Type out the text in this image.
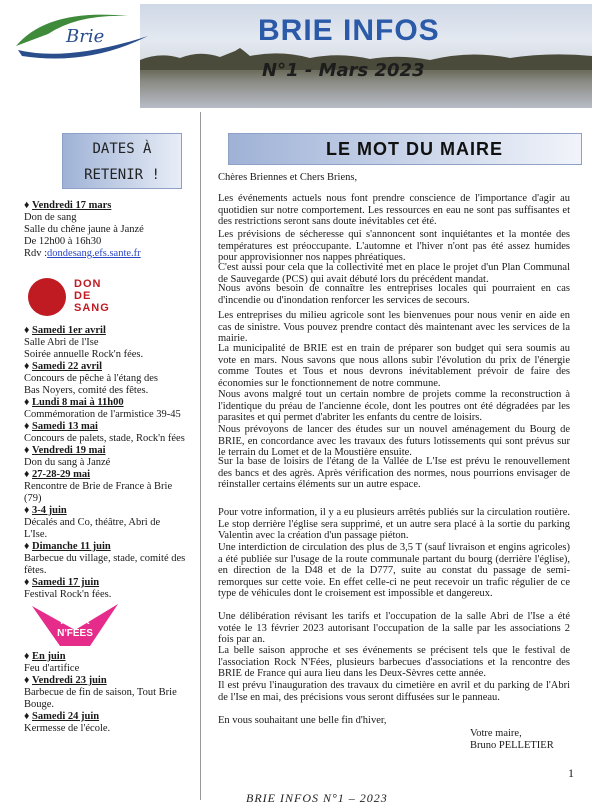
Brie	BRIE INFOS
N°1 - Mars 2023
DATES À
RETENIR !
♦ Vendredi 17 mars
Don de sang
Salle du chêne jaune à Janzé
De 12h00 à 16h30
Rdv :dondesang.efs.sante.fr
♦ Samedi 1er avril
Salle Abri de l'Ise
Soirée annuelle Rock'n fées.
♦ Samedi 22 avril
Concours de pêche à l'étang des
Bas Noyers, comité des fêtes.
♦ Lundi 8 mai à 11h00
Commémoration de l'armistice 39-45
♦ Samedi 13 mai
Concours de palets, stade, Rock'n fées
♦ Vendredi 19 mai
Don du sang à Janzé
♦ 27-28-29 mai
Rencontre de Brie de France à Brie
(79)
♦ 3-4 juin
Décalés and Co, théâtre, Abri de
L'Ise.
♦ Dimanche 11 juin
Barbecue du village, stade, comité des
fêtes.
♦ Samedi 17 juin
Festival Rock'n fées.
♦ En juin
Feu d'artifice
♦ Vendredi 23 juin
Barbecue de fin de saison, Tout Brie
Bouge.
♦ Samedi 24 juin
Kermesse de l'école.
DON
DE
SANG
ROCK
N'FÉES
LE MOT DU MAIRE
Chères Briennes et Chers Briens,
Les événements actuels nous font prendre conscience de l'importance d'agir au quotidien sur notre comportement. Les ressources en eau ne sont pas suffisantes et des restrictions seront sans doute inévitables cet été.
Les prévisions de sécheresse qui s'annoncent sont inquiétantes et la montée des températures est préoccupante. L'automne et l'hiver n'ont pas été assez humides pour approvisionner nos nappes phréatiques.
C'est aussi pour cela que la collectivité met en place le projet d'un Plan Communal de Sauvegarde (PCS) qui avait débuté lors du précédent mandat.
Nous avons besoin de connaître les entreprises locales qui pourraient en cas d'incendie ou d'inondation renforcer les services de secours.
Les entreprises du milieu agricole sont les bienvenues pour nous venir en aide en cas de sinistre. Vous pouvez prendre contact dès maintenant avec les services de la mairie.
La municipalité de BRIE est en train de préparer son budget qui sera soumis au vote en mars. Nous savons que nous allons subir l'évolution du prix de l'énergie comme Toutes et Tous et nous devrons inévitablement prévoir de faire des économies sur le fonctionnement de notre commune.
Nous avons malgré tout un certain nombre de projets comme la reconstruction à l'identique du préau de l'ancienne école, dont les poutres ont été dégradées par les parasites et qui permet d'abriter les enfants du centre de loisirs.
Nous prévoyons de lancer des études sur un nouvel aménagement du Bourg de BRIE, en concordance avec les travaux des futurs lotissements qui sont prévus sur le terrain du Lomet et de la Moustière ensuite.
Sur la base de loisirs de l'étang de la Vallée de L'Ise est prévu le renouvellement des bancs et des agrès. Après vérification des normes, nous pourrions envisager de réinstaller certains éléments sur un autre espace.
Pour votre information, il y a eu plusieurs arrêtés publiés sur la circulation routière. Le stop derrière l'église sera supprimé, et un autre sera placé à la sortie du parking Valentin avec la création d'un passage piéton.
Une interdiction de circulation des plus de 3,5 T (sauf livraison et engins agricoles) a été publiée sur l'usage de la route communale partant du bourg (derrière l'église), en direction de la D48 et de la D777, suite au constat du passage de semi-remorques sur cette voie. En effet celle-ci ne peut recevoir un trafic régulier de ce type de véhicules dont le croisement est impossible et dangereux.
Une délibération révisant les tarifs et l'occupation de la salle Abri de l'Ise a été votée le 13 février 2023 autorisant l'occupation de la salle par les associations 2 fois par an.
La belle saison approche et ses événements se précisent tels que le festival de l'association Rock N'Fées, plusieurs barbecues d'associations et la rencontre des BRIE de France qui aura lieu dans les Deux-Sèvres cette année.
Il est prévu l'inauguration des travaux du cimetière en avril et du parking de l'Abri de l'Ise en mai, des précisions vous seront diffusées sur le panneau.
En vous souhaitant une belle fin d'hiver,
Votre maire,
Bruno PELLETIER
1
BRIE INFOS N°1 – 2023
